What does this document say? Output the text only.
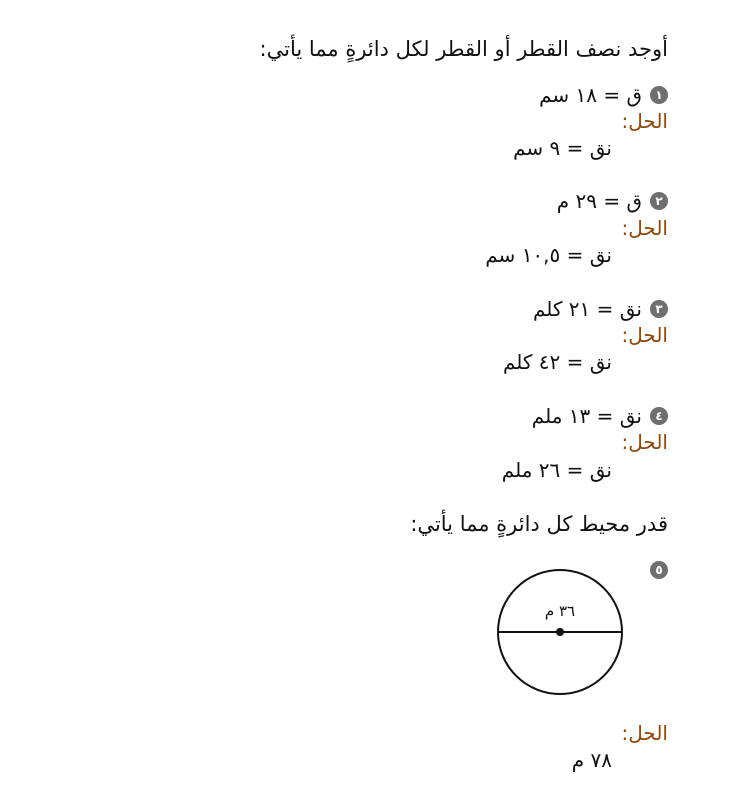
أوجد نصف القطر أو القطر لكل دائرةٍ مما يأتي:
١
ق = ١٨ سم
الحل:
نق = ٩ سم
٢
ق = ٢٩ م
الحل:
نق = ١٠,٥ سم
٣
نق = ٢١ كلم
الحل:
نق = ٤٢ كلم
٤
نق = ١٣ ملم
الحل:
نق = ٢٦ ملم
قدر محيط كل دائرةٍ مما يأتي:
٥
٣٦ م
الحل:
٧٨ م
